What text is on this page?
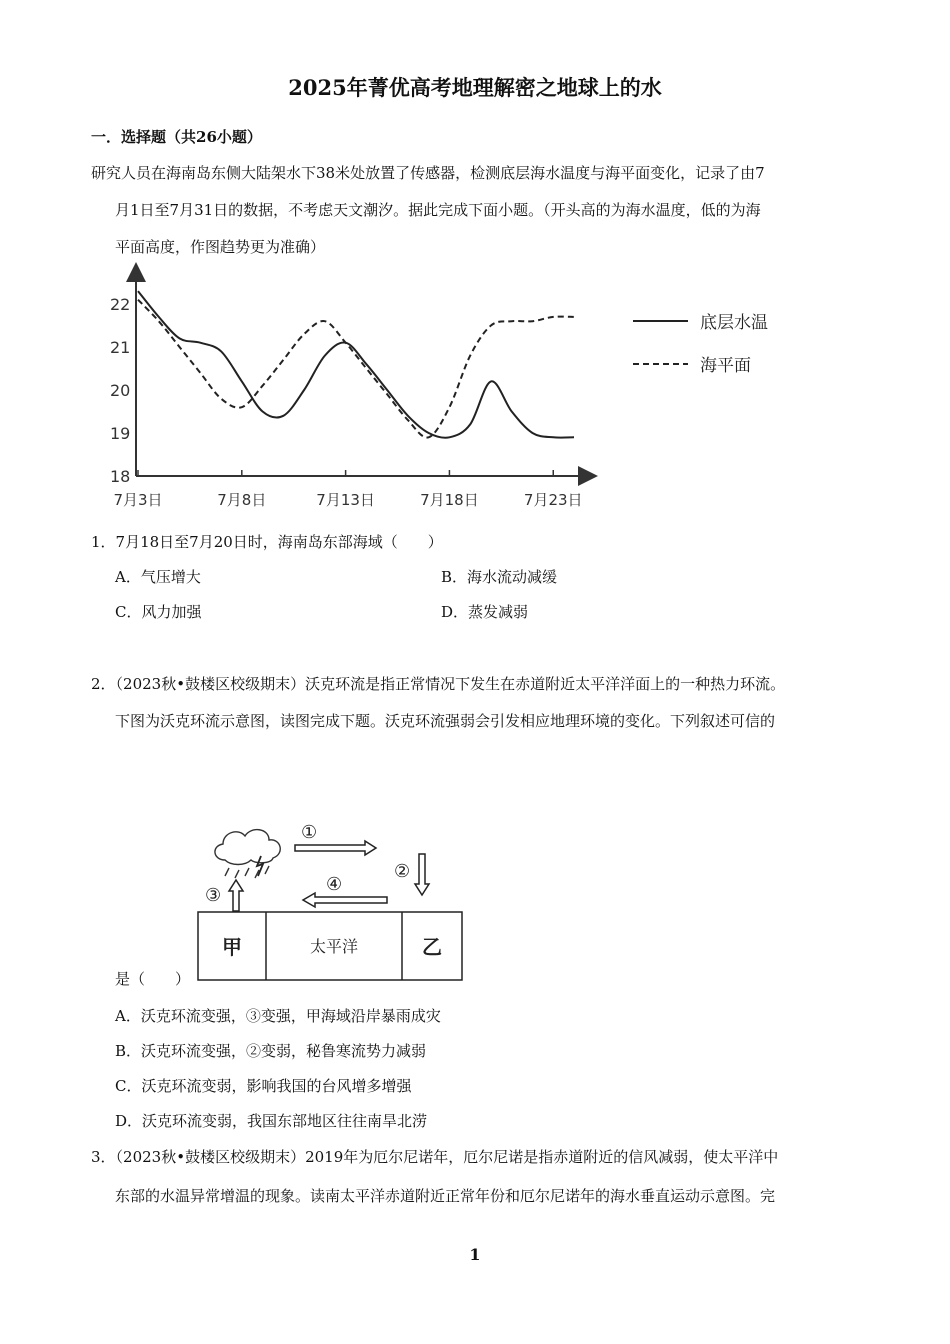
2025年菁优高考地理解密之地球上的水
一．选择题（共26小题）
研究人员在海南岛东侧大陆架水下38米处放置了传感器，检测底层海水温度与海平面变化，记录了由7
月1日至7月31日的数据，不考虑天文潮汐。据此完成下面小题。（开头高的为海水温度，低的为海
平面高度，作图趋势更为准确）
18
19
20
21
22
7月3日	7月8日	7月13日	7月18日	7月23日
底层水温
海平面
1．7月18日至7月20日时，海南岛东部海域（　　）
A．气压增大	B．海水流动减缓
C．风力加强	D．蒸发减弱
2．（2023秋•鼓楼区校级期末）沃克环流是指正常情况下发生在赤道附近太平洋洋面上的一种热力环流。
下图为沃克环流示意图，读图完成下题。沃克环流强弱会引发相应地理环境的变化。下列叙述可信的
①
②
③
④
甲	太平洋	乙
是（　　）
A．沃克环流变强，③变强，甲海域沿岸暴雨成灾
B．沃克环流变强，②变弱，秘鲁寒流势力减弱
C．沃克环流变弱，影响我国的台风增多增强
D．沃克环流变弱，我国东部地区往往南旱北涝
3．（2023秋•鼓楼区校级期末）2019年为厄尔尼诺年，厄尔尼诺是指赤道附近的信风减弱，使太平洋中
东部的水温异常增温的现象。读南太平洋赤道附近正常年份和厄尔尼诺年的海水垂直运动示意图。完
1
